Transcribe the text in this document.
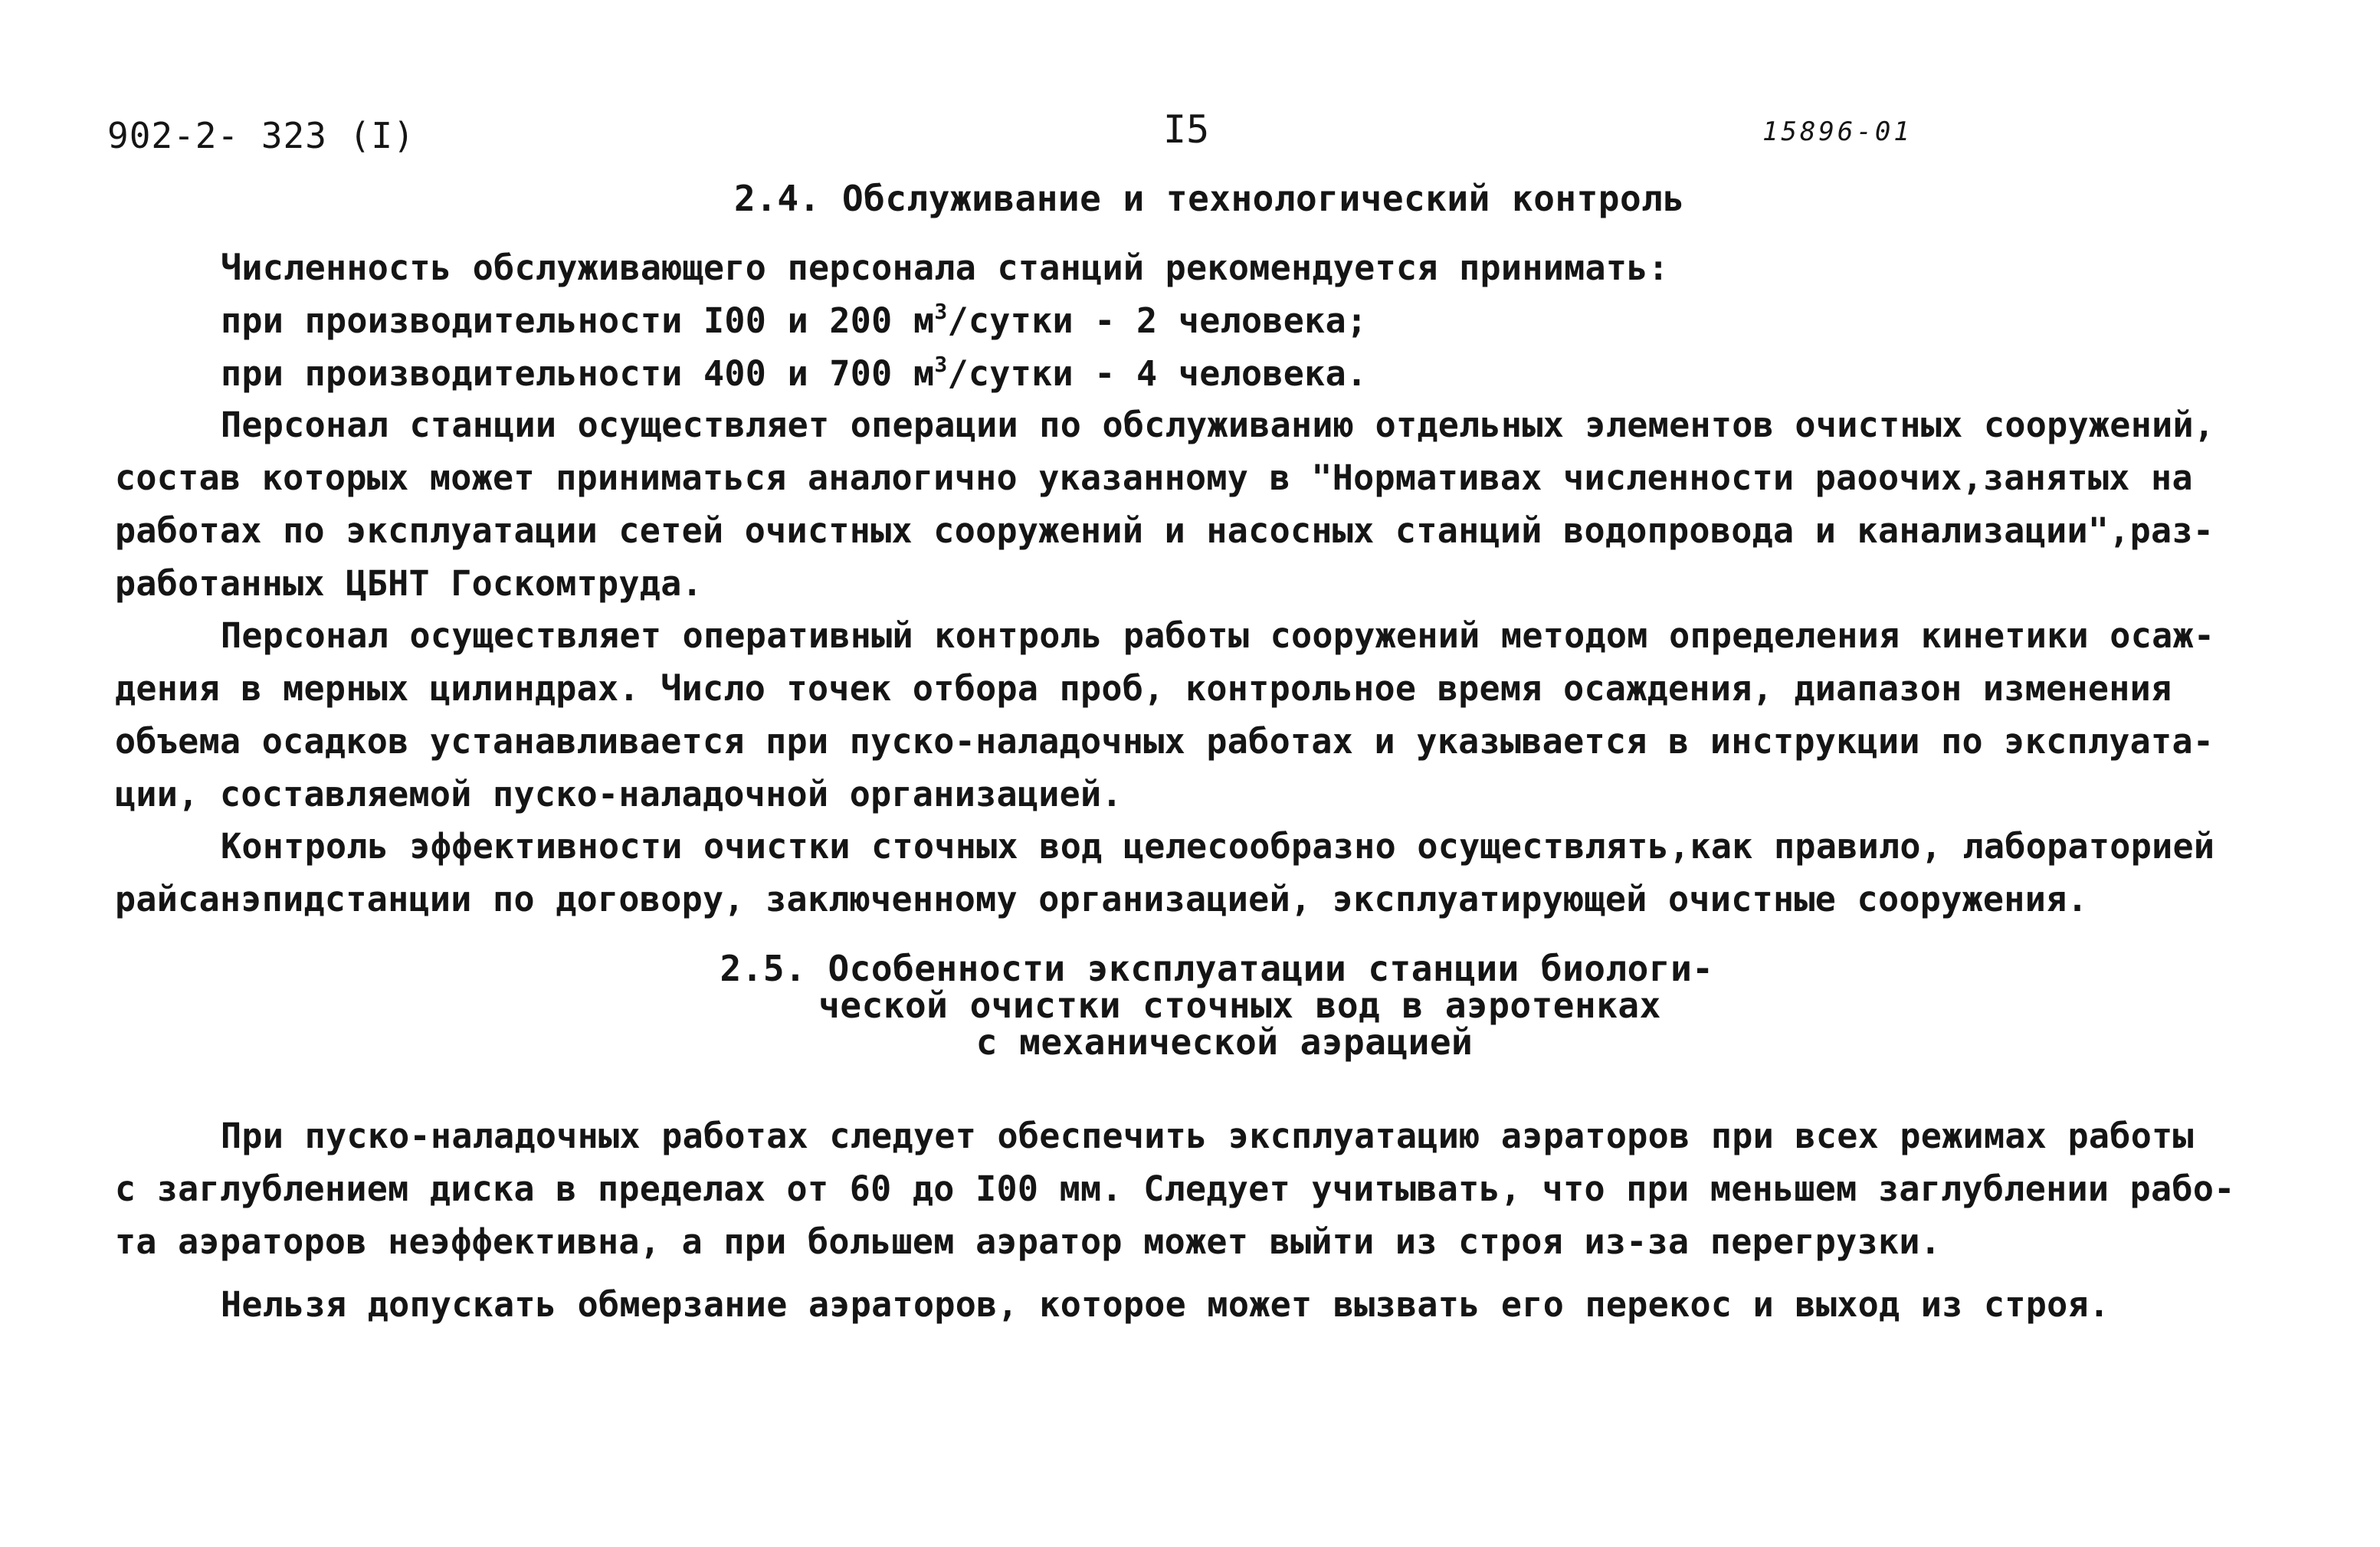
902-2- 323 (I)	I5	15896-01
2.4. Обслуживание и технологический контроль
Численность обслуживающего персонала станций рекомендуется принимать:
при производительности I00 и 200 $м^3$/сутки - 2 человека;
при производительности 400 и 700 $м^3$/сутки - 4 человека.
Персонал станции осуществляет операции по обслуживанию отдельных элементов очистных сооружений,
состав которых может приниматься аналогично указанному в "Нормативах численности раоочих,занятых на
работах по эксплуатации сетей очистных сооружений и насосных станций водопровода и канализации",раз-
работанных ЦБНТ Госкомтруда.
Персонал осуществляет оперативный контроль работы сооружений методом определения кинетики осаж-
дения в мерных цилиндрах. Число точек отбора проб, контрольное время осаждения, диапазон изменения
объема осадков устанавливается при пуско-наладочных работах и указывается в инструкции по эксплуата-
ции, составляемой пуско-наладочной организацией.
Контроль эффективности очистки сточных вод целесообразно осуществлять,как правило, лабораторией
райсанэпидстанции по договору, заключенному организацией, эксплуатирующей очистные сооружения.
2.5. Особенности эксплуатации станции биологи-
ческой очистки сточных вод в аэротенках
с механической аэрацией
При пуско-наладочных работах следует обеспечить эксплуатацию аэраторов при всех режимах работы
с заглублением диска в пределах от 60 до I00 мм. Следует учитывать, что при меньшем заглублении рабо-
та аэраторов неэффективна, а при большем аэратор может выйти из строя из-за перегрузки.
Нельзя допускать обмерзание аэраторов, которое может вызвать его перекос и выход из строя.
